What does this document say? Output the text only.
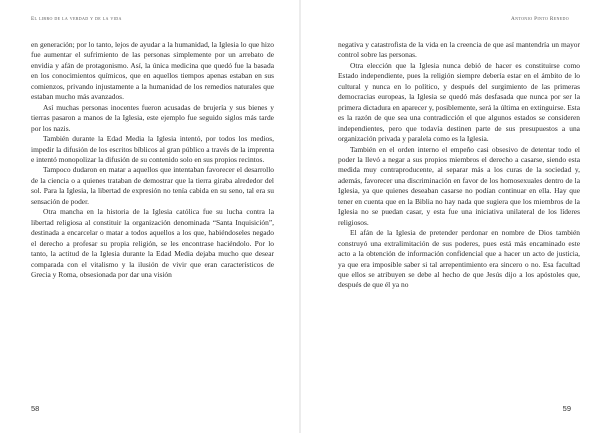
El libro de la verdad y de la vida

en generación; por lo tanto, lejos de ayudar a la humanidad, la Iglesia lo que hizo fue aumentar el sufrimiento de las personas simplemente por un arrebato de envidia y afán de protagonismo. Así, la única medicina que quedó fue la basada en los conocimientos químicos, que en aquellos tiempos apenas estaban en sus comienzos, privando injustamente a la humanidad de los remedios naturales que estaban mucho más avanzados.

Así muchas personas inocentes fueron acusadas de brujería y sus bienes y tierras pasaron a manos de la Iglesia, este ejemplo fue seguido siglos más tarde por los nazis.

También durante la Edad Media la Iglesia intentó, por todos los medios, impedir la difusión de los escritos bíblicos al gran público a través de la imprenta e intentó monopolizar la difusión de su contenido solo en sus propios recintos.

Tampoco dudaron en matar a aquellos que intentaban favorecer el desarrollo de la ciencia o a quienes trataban de demostrar que la tierra giraba alrededor del sol. Para la Iglesia, la libertad de expresión no tenía cabida en su seno, tal era su sensación de poder.

Otra mancha en la historia de la Iglesia católica fue su lucha contra la libertad religiosa al constituir la organización denominada “Santa Inquisición”, destinada a encarcelar o matar a todos aquellos a los que, habiéndoseles negado el derecho a profesar su propia religión, se les encontrase haciéndolo. Por lo tanto, la actitud de la Iglesia durante la Edad Media dejaba mucho que desear comparada con el vitalismo y la ilusión de vivir que eran característicos de Grecia y Roma, obsesionada por dar una visión

58
Antonio Pinto Renedo

negativa y catastrofista de la vida en la creencia de que así mantendría un mayor control sobre las personas.

Otra elección que la Iglesia nunca debió de hacer es constituirse como Estado independiente, pues la religión siempre debería estar en el ámbito de lo cultural y nunca en lo político, y después del surgimiento de las primeras democracias europeas, la Iglesia se quedó más desfasada que nunca por ser la primera dictadura en aparecer y, posiblemente, será la última en extinguirse. Esta es la razón de que sea una contradicción el que algunos estados se consideren independientes, pero que todavía destinen parte de sus presupuestos a una organización privada y paralela como es la Iglesia.

También en el orden interno el empeño casi obsesivo de detentar todo el poder la llevó a negar a sus propios miembros el derecho a casarse, siendo esta medida muy contraproducente, al separar más a los curas de la sociedad y, además, favorecer una discriminación en favor de los homosexuales dentro de la Iglesia, ya que quienes deseaban casarse no podían continuar en ella. Hay que tener en cuenta que en la Biblia no hay nada que sugiera que los miembros de la Iglesia no se puedan casar, y esta fue una iniciativa unilateral de los líderes religiosos.

El afán de la Iglesia de pretender perdonar en nombre de Dios también construyó una extralimitación de sus poderes, pues está más encaminado este acto a la obtención de información confidencial que a hacer un acto de justicia, ya que era imposible saber si tal arrepentimiento era sincero o no. Esa facultad que ellos se atribuyen se debe al hecho de que Jesús dijo a los apóstoles que, después de que él ya no

59
